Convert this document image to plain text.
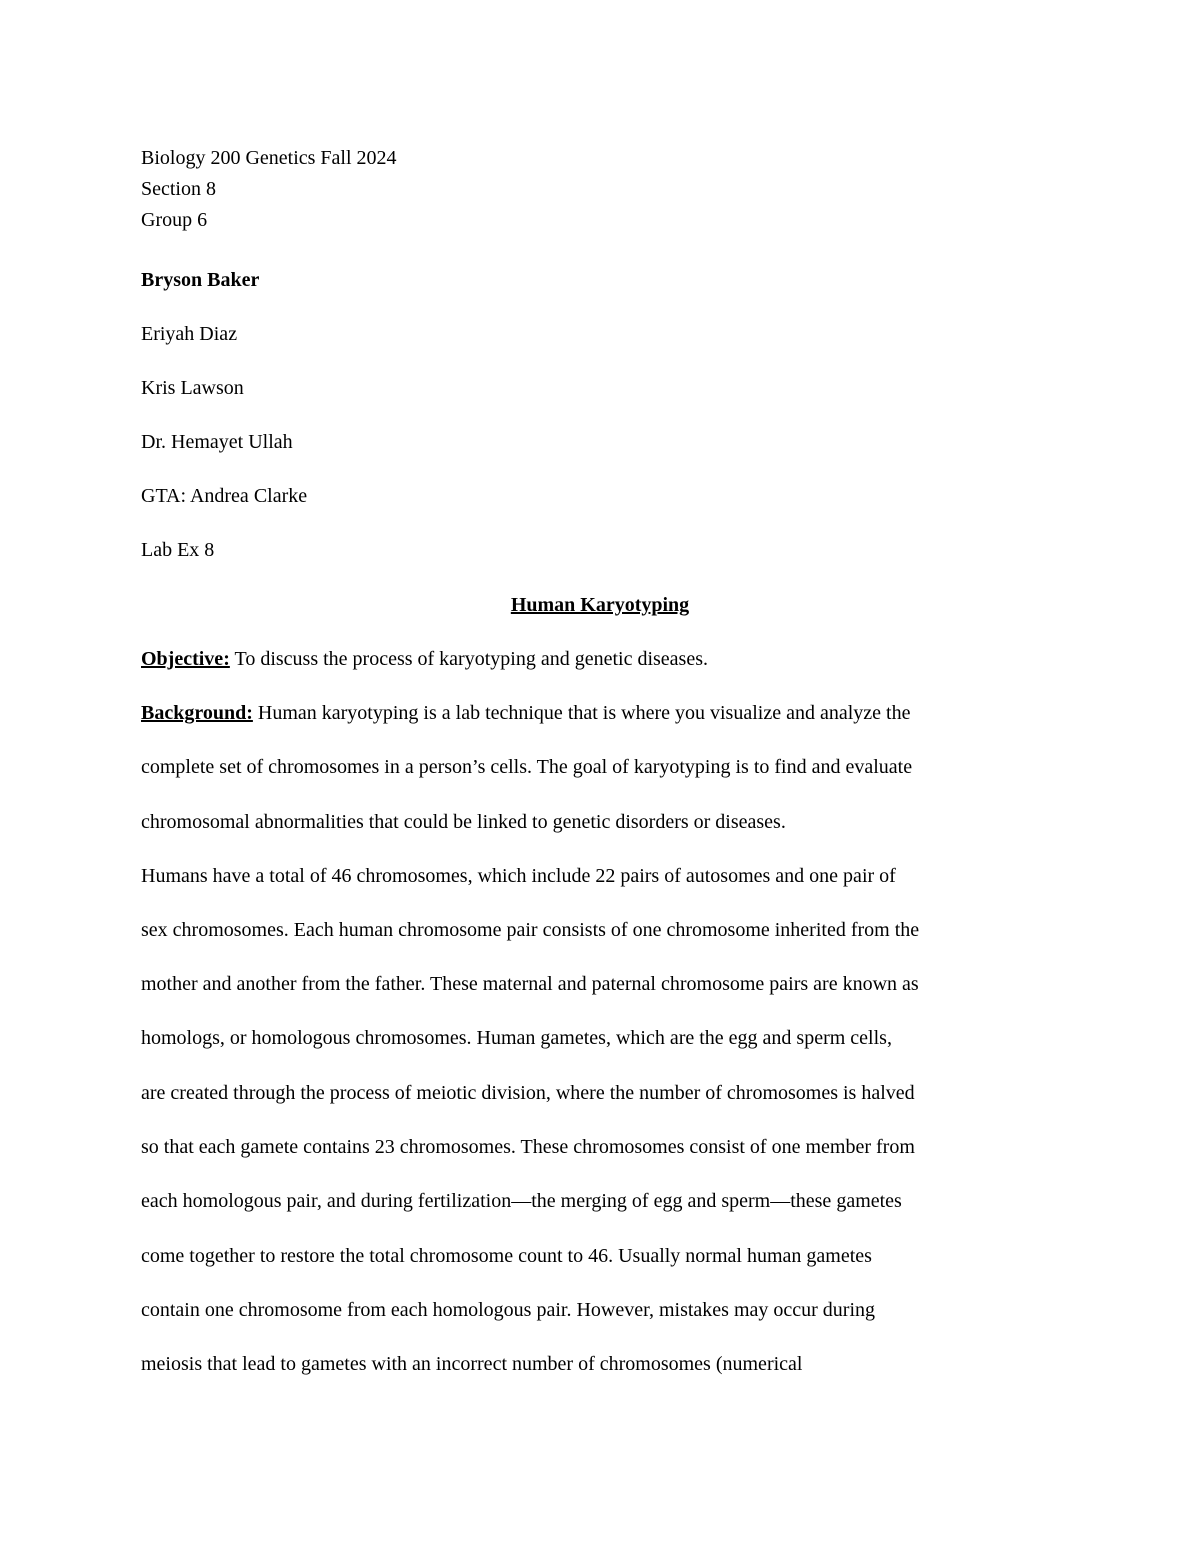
Biology 200 Genetics Fall 2024
Section 8
Group 6
Bryson Baker
Eriyah Diaz
Kris Lawson
Dr. Hemayet Ullah
GTA: Andrea Clarke
Lab Ex 8
Human Karyotyping
Objective: To discuss the process of karyotyping and genetic diseases.
Background: Human karyotyping is a lab technique that is where you visualize and analyze the
complete set of chromosomes in a person’s cells. The goal of karyotyping is to find and evaluate
chromosomal abnormalities that could be linked to genetic disorders or diseases.
Humans have a total of 46 chromosomes, which include 22 pairs of autosomes and one pair of
sex chromosomes. Each human chromosome pair consists of one chromosome inherited from the
mother and another from the father. These maternal and paternal chromosome pairs are known as
homologs, or homologous chromosomes. Human gametes, which are the egg and sperm cells,
are created through the process of meiotic division, where the number of chromosomes is halved
so that each gamete contains 23 chromosomes. These chromosomes consist of one member from
each homologous pair, and during fertilization—the merging of egg and sperm—these gametes
come together to restore the total chromosome count to 46. Usually normal human gametes
contain one chromosome from each homologous pair. However, mistakes may occur during
meiosis that lead to gametes with an incorrect number of chromosomes (numerical
